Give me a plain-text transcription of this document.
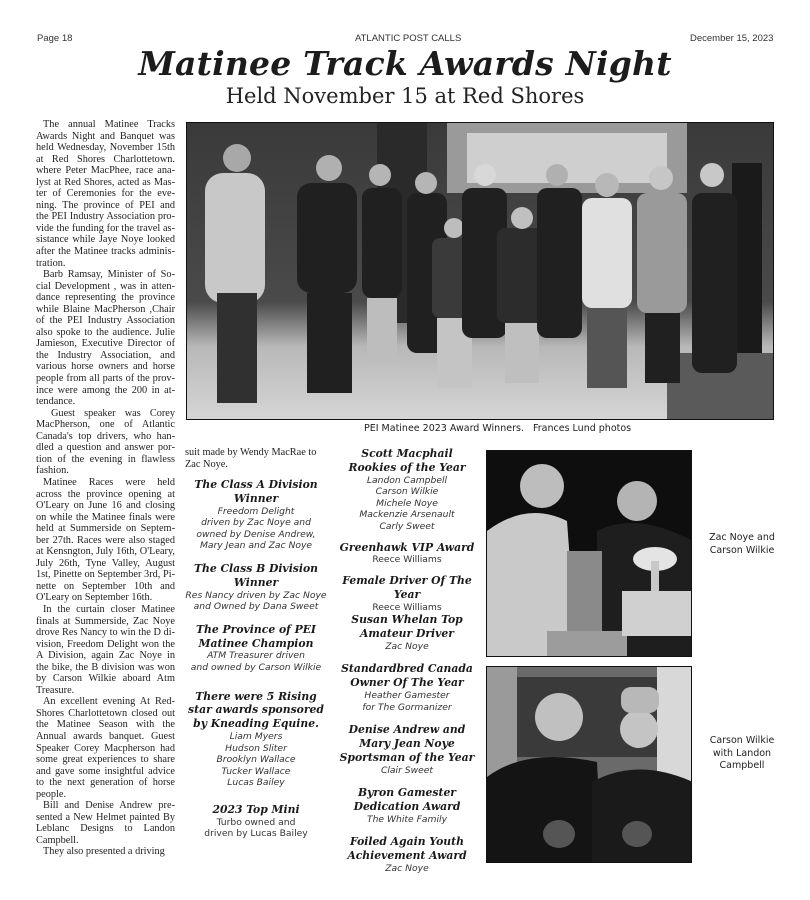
Page 18	ATLANTIC POST CALLS	December 15, 2023
Matinee Track Awards Night
Held November 15 at Red Shores

The annual Matinee Tracks Awards Night and Banquet was held Wednesday, November 15th at Red Shores Charlottetown. where Peter MacPhee, race analyst at Red Shores, acted as Master of Ceremonies for the evening. The province of PEI and the PEI Industry Association provide the funding for the travel assistance while Jaye Noye looked after the Matinee tracks administration.

Barb Ramsay, Minister of Social Development , was in attendance representing the province while Blaine MacPherson ,Chair of the PEI Industry Association also spoke to the audience. Julie Jamieson, Executive Director of the Industry Association, and various horse owners and horse people from all parts of the province were among the 200 in attendance.

Guest speaker was Corey MacPherson, one of Atlantic Canada's top drivers, who handled a question and answer portion of the evening in flawless fashion.

Matinee Races were held across the province opening at O'Leary on June 16 and closing on while the Matinee finals were held at Summerside on September 27th. Races were also staged at Kensngton, July 16th, O'Leary, July 26th, Tyne Valley, August 1st, Pinette on September 3rd, Pinette on September 10th and O'Leary on September 16th.

In the curtain closer Matinee finals at Summerside, Zac Noye drove Res Nancy to win the D division, Freedom Delight won the A Division, again Zac Noye in the bike, the B division was won by Carson Wilkie aboard Atm Treasure.

An excellent evening At Red-Shores Charlottetown closed out the Matinee Season with the Annual awards banquet. Guest Speaker Corey Macpherson had some great experiences to share and gave some insightful advice to the next generation of horse people.

Bill and Denise Andrew presented a New Helmet painted By Leblanc Designs to Landon Campbell.

They also presented a driving

PEI Matinee 2023 Award Winners.   Frances Lund photos

suit made by Wendy MacRae to Zac Noye.

The Class A Division Winner
Freedom Delight
driven by Zac Noye and
owned by Denise Andrew,
Mary Jean and Zac Noye
The Class B Division Winner
Res Nancy driven by Zac Noye
and Owned by Dana Sweet
The Province of PEI Matinee Champion
ATM Treasurer driven
and owned by Carson Wilkie
There were 5 Rising star awards sponsored by Kneading Equine.
Liam Myers
Hudson Sliter
Brooklyn Wallace
Tucker Wallace
Lucas Bailey
2023 Top Mini
Turbo owned and
driven by Lucas Bailey
Scott Macphail Rookies of the Year
Landon Campbell
Carson Wilkie
Michele Noye
Mackenzie Arsenault
Carly Sweet
Greenhawk VIP Award
Reece Williams
Female Driver Of The Year
Reece Williams
Susan Whelan Top Amateur Driver
Zac Noye
Standardbred Canada Owner Of The Year
Heather Gamester
for The Gormanizer
Denise Andrew and Mary Jean Noye Sportsman of the Year
Clair Sweet
Byron Gamester Dedication Award
The White Family
Foiled Again Youth Achievement Award
Zac Noye
Zac Noye and Carson Wilkie
Carson Wilkie with Landon Campbell
